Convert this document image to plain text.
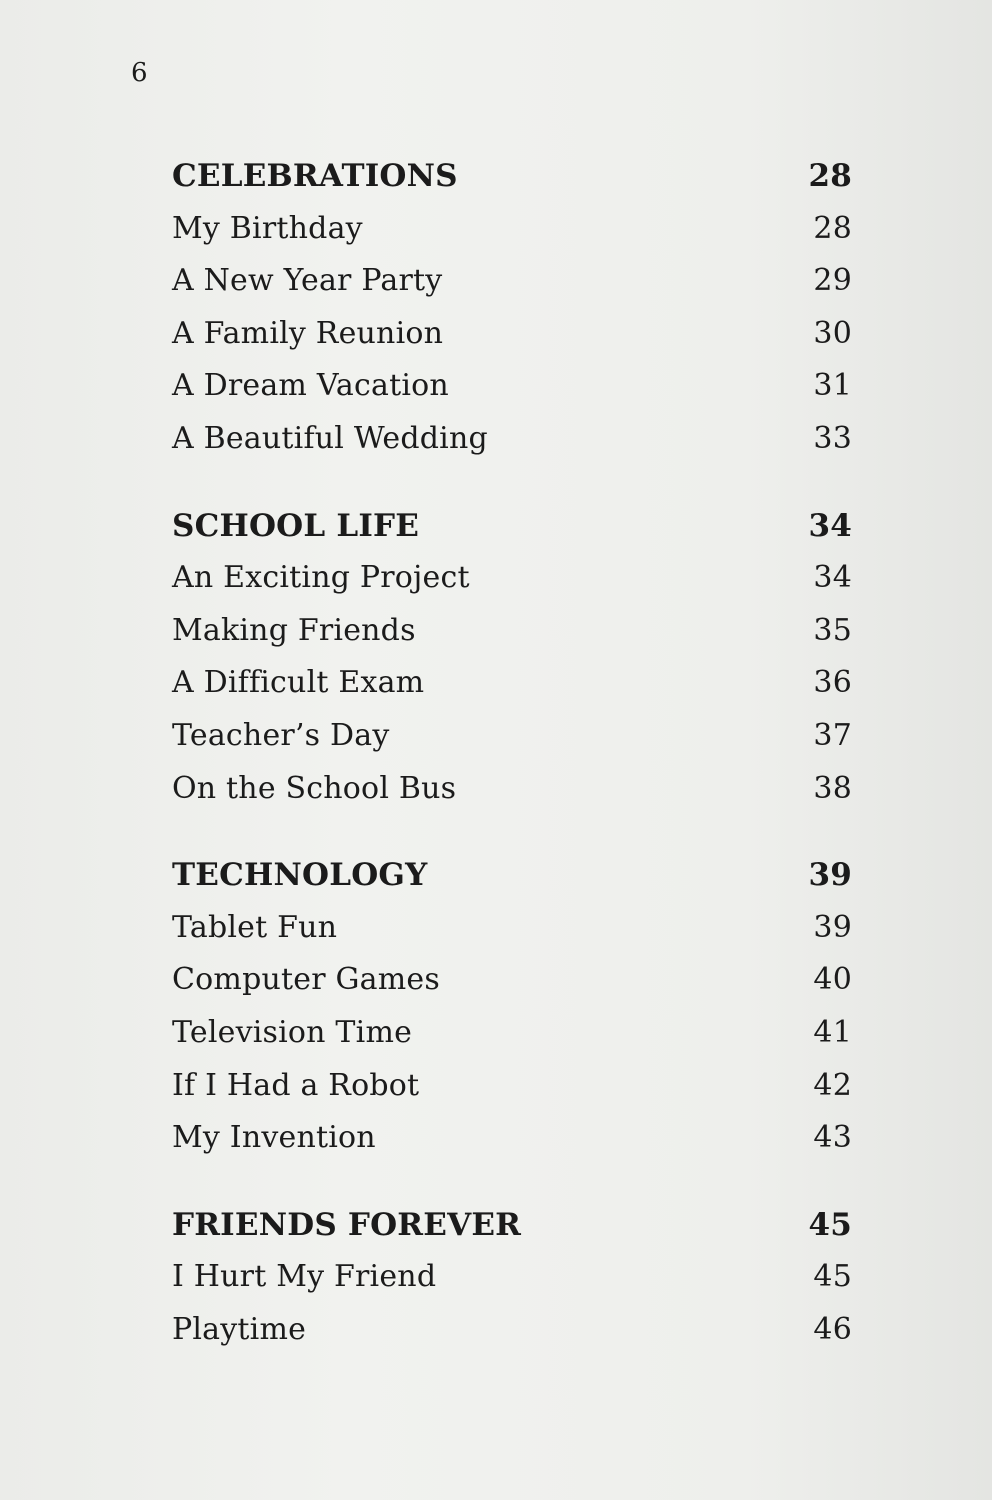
6
CELEBRATIONS	28
My Birthday	28
A New Year Party	29
A Family Reunion	30
A Dream Vacation	31
A Beautiful Wedding	33
SCHOOL LIFE	34
An Exciting Project	34
Making Friends	35
A Difficult Exam	36
Teacher’s Day	37
On the School Bus	38
TECHNOLOGY	39
Tablet Fun	39
Computer Games	40
Television Time	41
If I Had a Robot	42
My Invention	43
FRIENDS FOREVER	45
I Hurt My Friend	45
Playtime	46
